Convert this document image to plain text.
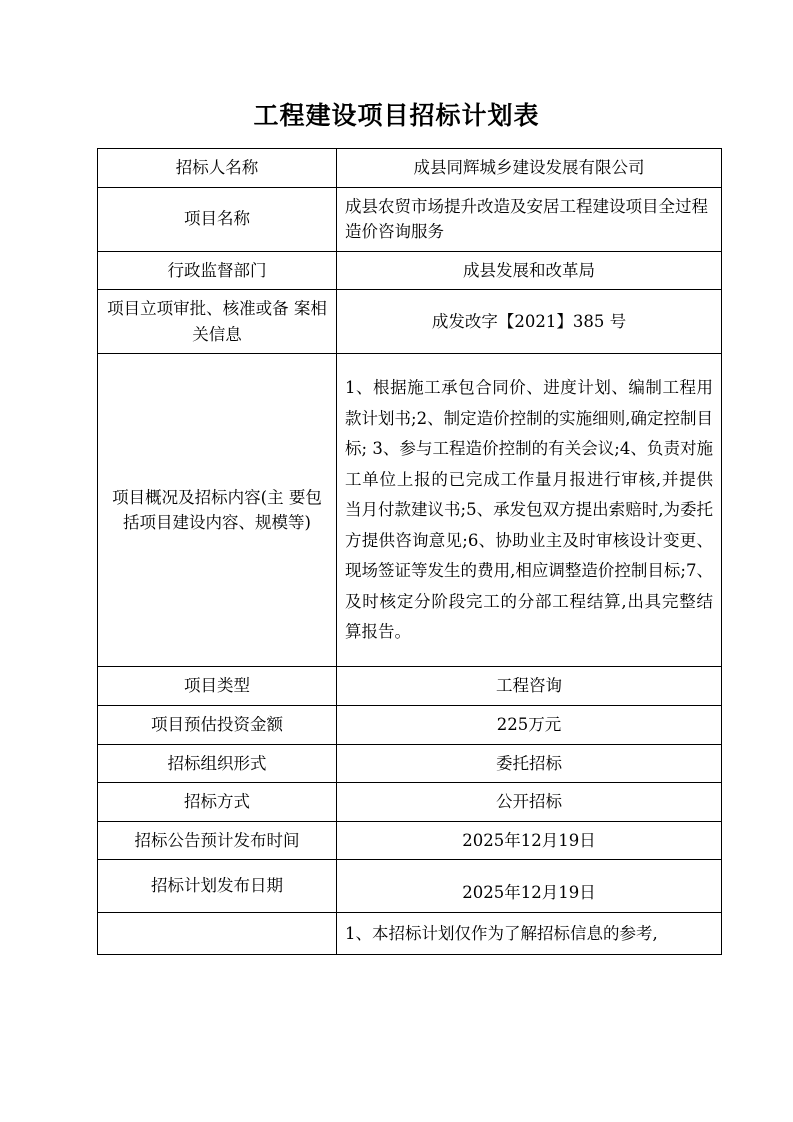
工程建设项目招标计划表
招标人名称	成县同辉城乡建设发展有限公司
项目名称	成县农贸市场提升改造及安居工程建设项目全过程造价咨询服务
行政监督部门	成县发展和改革局
项目立项审批、核准或备 案相关信息	成发改字【2021】385 号
项目概况及招标内容(主 要包括项目建设内容、规模等)	1、根据施工承包合同价、进度计划、编制工程用款计划书;2、制定造价控制的实施细则,确定控制目标; 3、参与工程造价控制的有关会议;4、负责对施工单位上报的已完成工作量月报进行审核,并提供当月付款建议书;5、承发包双方提出索赔时,为委托方提供咨询意见;6、协助业主及时审核设计变更、现场签证等发生的费用,相应调整造价控制目标;7、及时核定分阶段完工的分部工程结算,出具完整结算报告。

项目类型	工程咨询
项目预估投资金额	225万元
招标组织形式	委托招标
招标方式	公开招标
招标公告预计发布时间	2025年12月19日
招标计划发布日期	2025年12月19日

	1、本招标计划仅作为了解招标信息的参考,
